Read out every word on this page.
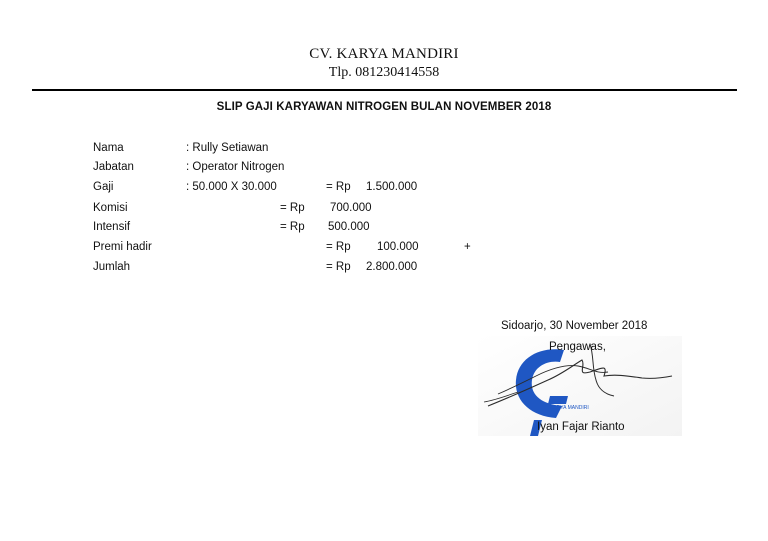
CV. KARYA MANDIRI
Tlp. 081230414558
SLIP GAJI KARYAWAN NITROGEN BULAN NOVEMBER 2018
Nama	: Rully Setiawan
Jabatan	: Operator Nitrogen
Gaji	: 50.000 X 30.000	= Rp 1.500.000
Komisi	= Rp 700.000
Intensif	= Rp 500.000
Premi hadir	= Rp 100.000	+
Jumlah	= Rp 2.800.000
Sidoarjo, 30 November 2018
KARYA MANDIRI
Pengawas,
Iyan Fajar Rianto
